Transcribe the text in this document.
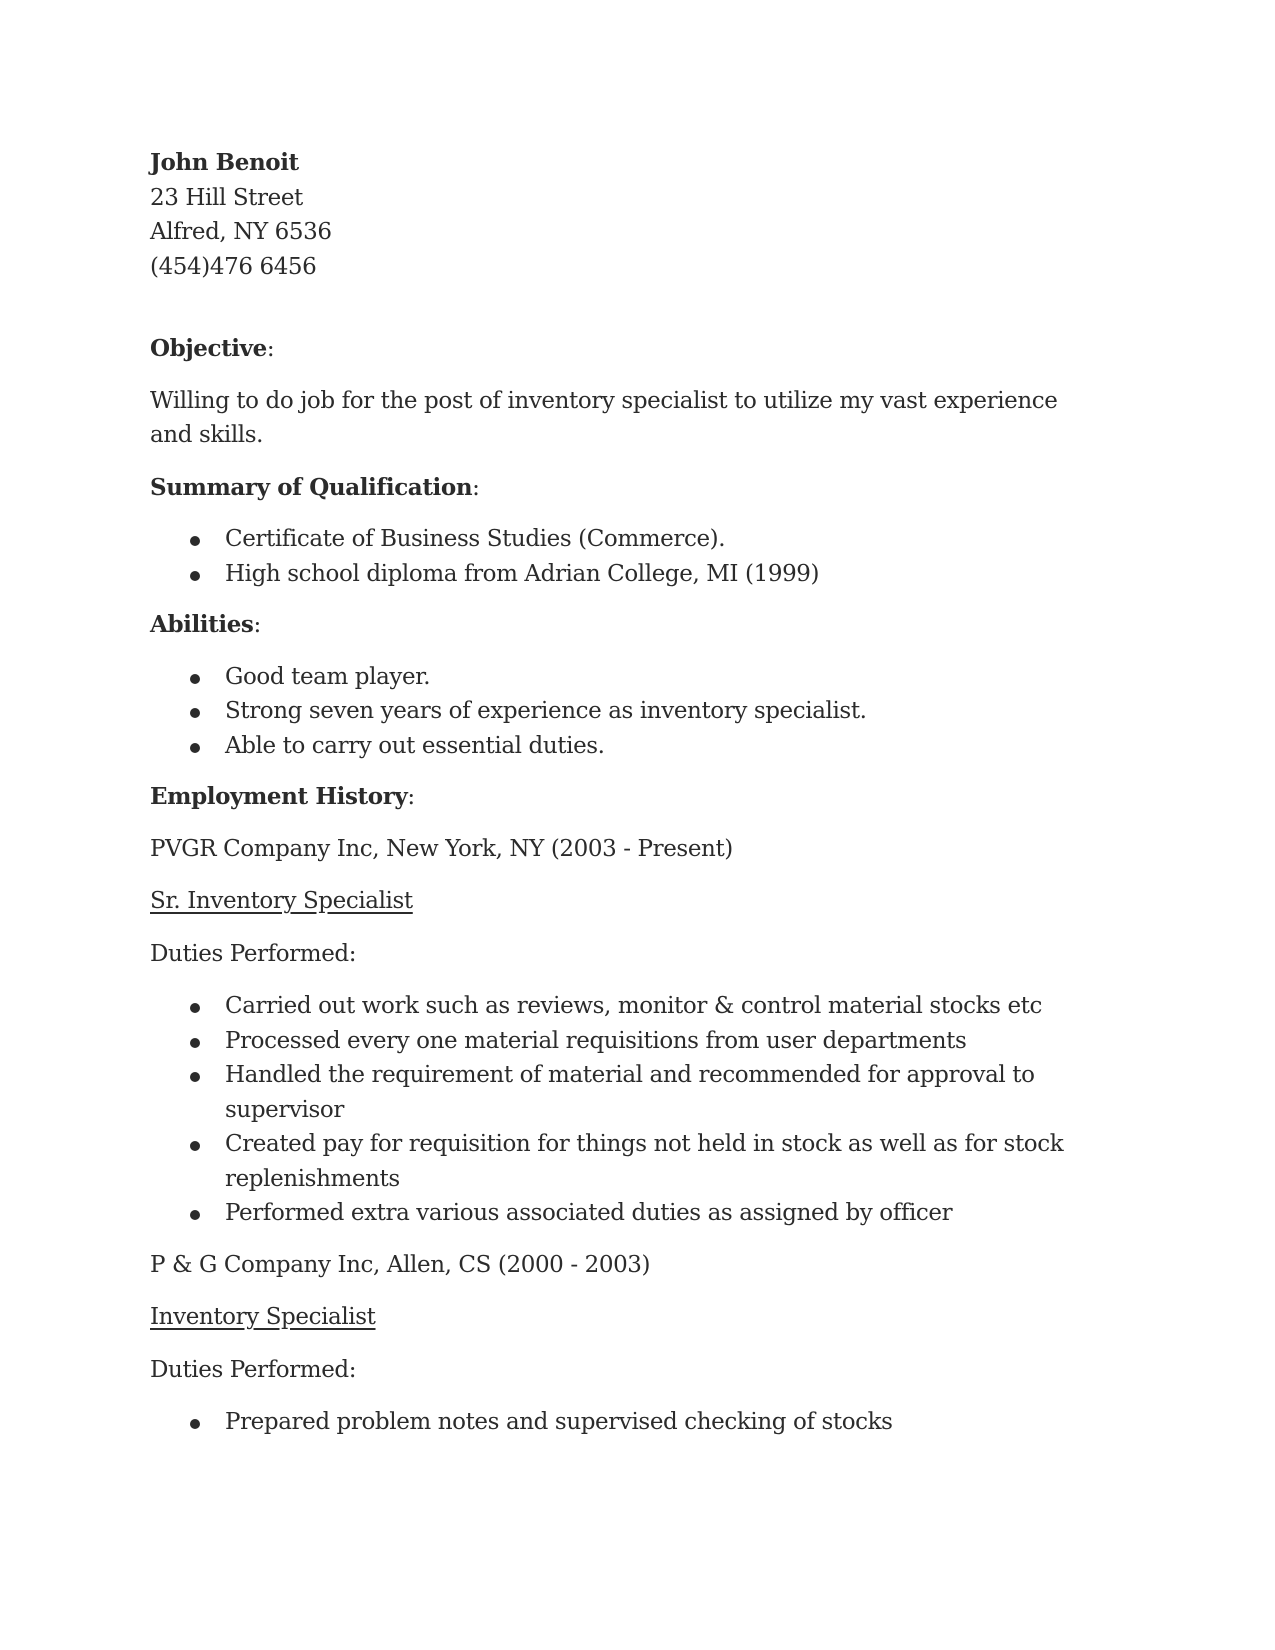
John Benoit
23 Hill Street
Alfred, NY 6536
(454)476 6456
Objective:

Willing to do job for the post of inventory specialist to utilize my vast experience and skills.

Summary of Qualification:
Certificate of Business Studies (Commerce).
High school diploma from Adrian College, MI (1999)
Abilities:
Good team player.
Strong seven years of experience as inventory specialist.
Able to carry out essential duties.
Employment History:

PVGR Company Inc, New York, NY (2003 - Present)

Sr. Inventory Specialist

Duties Performed:

Carried out work such as reviews, monitor & control material stocks etc
Processed every one material requisitions from user departments
Handled the requirement of material and recommended for approval to supervisor
Created pay for requisition for things not held in stock as well as for stock replenishments
Performed extra various associated duties as assigned by officer

P & G Company Inc, Allen, CS (2000 - 2003)

Inventory Specialist

Duties Performed:

Prepared problem notes and supervised checking of stocks
